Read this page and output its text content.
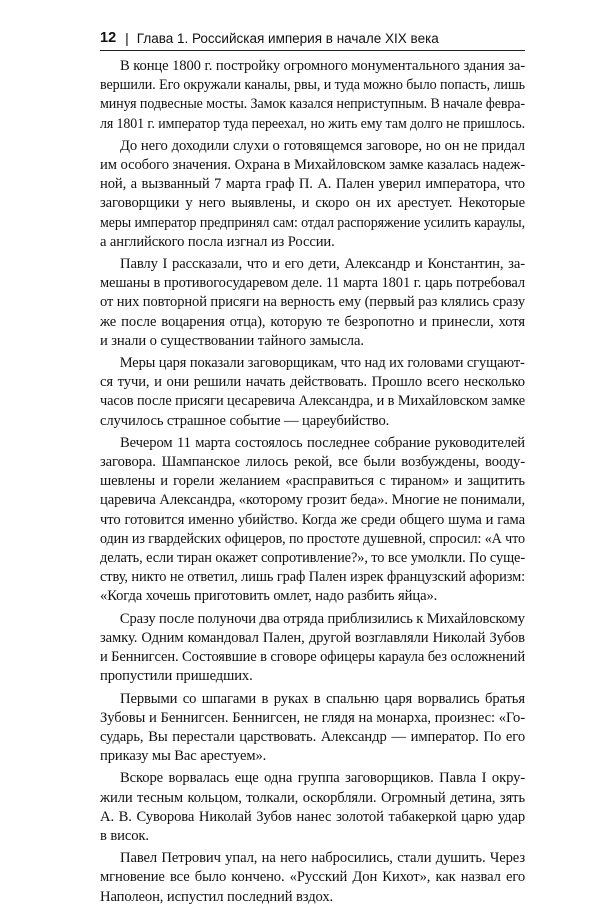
12 | Глава 1. Российская империя в начале XIX века
В конце 1800 г. постройку огромного монументального здания за-
вершили. Его окружали каналы, рвы, и туда можно было попасть, лишь
минуя подвесные мосты. Замок казался неприступным. В начале февра-
ля 1801 г. император туда переехал, но жить ему там долго не пришлось.
До него доходили слухи о готовящемся заговоре, но он не придал
им особого значения. Охрана в Михайловском замке казалась надеж-
ной, а вызванный 7 марта граф П. А. Пален уверил императора, что
заговорщики у него выявлены, и скоро он их арестует. Некоторые
меры император предпринял сам: отдал распоряжение усилить караулы,
а английского посла изгнал из России.
Павлу I рассказали, что и его дети, Александр и Константин, за-
мешаны в противогосударевом деле. 11 марта 1801 г. царь потребовал
от них повторной присяги на верность ему (первый раз клялись сразу
же после воцарения отца), которую те безропотно и принесли, хотя
и знали о существовании тайного замысла.
Меры царя показали заговорщикам, что над их головами сгущают-
ся тучи, и они решили начать действовать. Прошло всего несколько
часов после присяги цесаревича Александра, и в Михайловском замке
случилось страшное событие — цареубийство.
Вечером 11 марта состоялось последнее собрание руководителей
заговора. Шампанское лилось рекой, все были возбуждены, вооду-
шевлены и горели желанием «расправиться с тираном» и защитить
царевича Александра, «которому грозит беда». Многие не понимали,
что готовится именно убийство. Когда же среди общего шума и гама
один из гвардейских офицеров, по простоте душевной, спросил: «А что
делать, если тиран окажет сопротивление?», то все умолкли. По суще-
ству, никто не ответил, лишь граф Пален изрек французский афоризм:
«Когда хочешь приготовить омлет, надо разбить яйца».
Сразу после полуночи два отряда приблизились к Михайловскому
замку. Одним командовал Пален, другой возглавляли Николай Зубов
и Беннигсен. Состоявшие в сговоре офицеры караула без осложнений
пропустили пришедших.
Первыми со шпагами в руках в спальню царя ворвались братья
Зубовы и Беннигсен. Беннигсен, не глядя на монарха, произнес: «Го-
сударь, Вы перестали царствовать. Александр — император. По его
приказу мы Вас арестуем».
Вскоре ворвалась еще одна группа заговорщиков. Павла I окру-
жили тесным кольцом, толкали, оскорбляли. Огромный детина, зять
А. В. Суворова Николай Зубов нанес золотой табакеркой царю удар
в висок.
Павел Петрович упал, на него набросились, стали душить. Через
мгновение все было кончено. «Русский Дон Кихот», как назвал его
Наполеон, испустил последний вздох.
